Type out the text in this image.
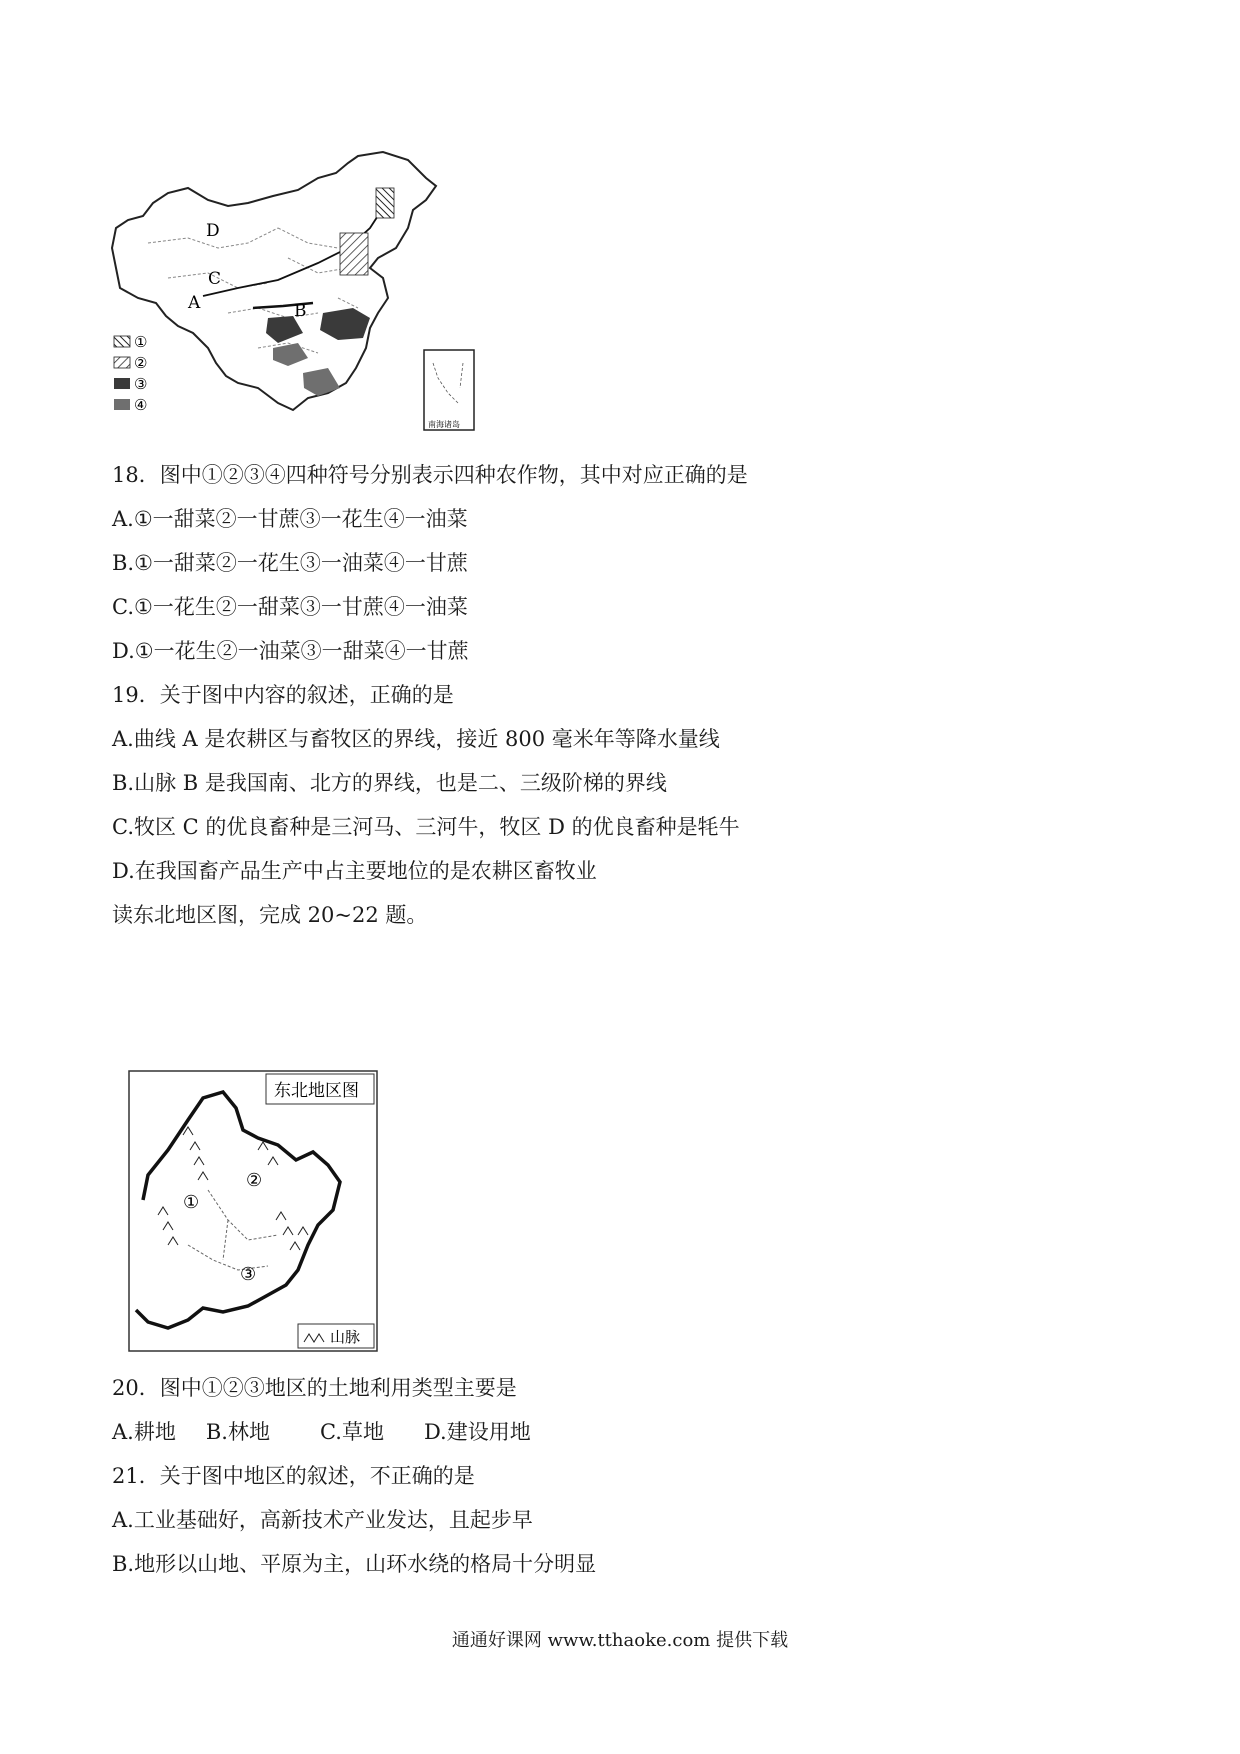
D
C
A	B
①
②
③
④
南海诸岛
18．图中①②③④四种符号分别表示四种农作物，其中对应正确的是
A.①一甜菜②一甘蔗③一花生④一油菜
B.①一甜菜②一花生③一油菜④一甘蔗
C.①一花生②一甜菜③一甘蔗④一油菜
D.①一花生②一油菜③一甜菜④一甘蔗
19．关于图中内容的叙述，正确的是
A.曲线 A 是农耕区与畜牧区的界线，接近 800 毫米年等降水量线
B.山脉 B 是我国南、北方的界线，也是二、三级阶梯的界线
C.牧区 C 的优良畜种是三河马、三河牛，牧区 D 的优良畜种是牦牛
D.在我国畜产品生产中占主要地位的是农耕区畜牧业
读东北地区图，完成 20~22 题。
①
②
③
东北地区图
山脉
20．图中①②③地区的土地利用类型主要是
A.耕地 B.林地 C.草地 D.建设用地
21．关于图中地区的叙述，不正确的是
A.工业基础好，高新技术产业发达，且起步早
B.地形以山地、平原为主，山环水绕的格局十分明显
通通好课网 www.tthaoke.com 提供下载
